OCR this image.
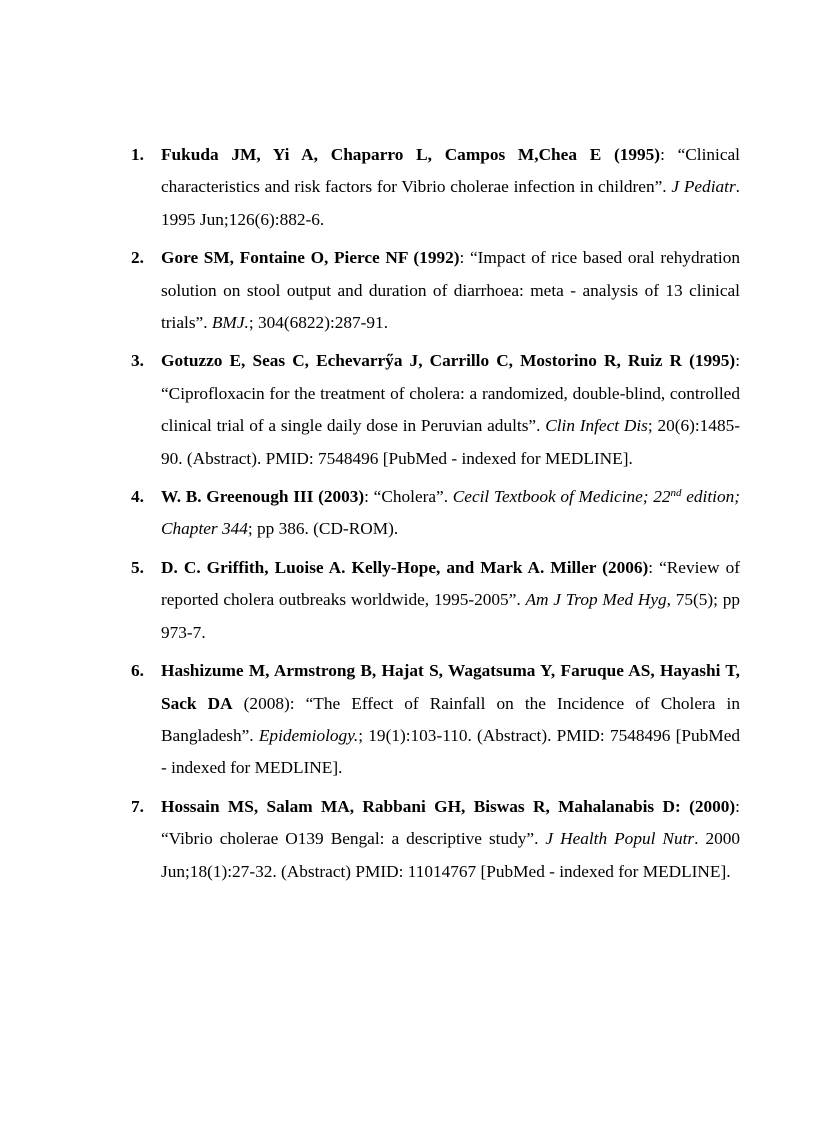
1. Fukuda JM, Yi A, Chaparro L, Campos M,Chea E (1995): “Clinical characteristics and risk factors for Vibrio cholerae infection in children”. J Pediatr. 1995 Jun;126(6):882-6.
2. Gore SM, Fontaine O, Pierce NF (1992): “Impact of rice based oral rehydration solution on stool output and duration of diarrhoea: meta - analysis of 13 clinical trials”. BMJ.; 304(6822):287-91.
3. Gotuzzo E, Seas C, Echevarrӳa J, Carrillo C, Mostorino R, Ruiz R (1995): “Ciprofloxacin for the treatment of cholera: a randomized, double-blind, controlled clinical trial of a single daily dose in Peruvian adults”. Clin Infect Dis; 20(6):1485-90. (Abstract). PMID: 7548496 [PubMed - indexed for MEDLINE].
4. W. B. Greenough III (2003): “Cholera”. Cecil Textbook of Medicine; 22nd edition; Chapter 344; pp 386. (CD-ROM).
5. D. C. Griffith, Luoise A. Kelly-Hope, and Mark A. Miller (2006): “Review of reported cholera outbreaks worldwide, 1995-2005”. Am J Trop Med Hyg, 75(5); pp 973-7.
6. Hashizume M, Armstrong B, Hajat S, Wagatsuma Y, Faruque AS, Hayashi T, Sack DA (2008): “The Effect of Rainfall on the Incidence of Cholera in Bangladesh”. Epidemiology.; 19(1):103-110. (Abstract). PMID: 7548496 [PubMed - indexed for MEDLINE].
7. Hossain MS, Salam MA, Rabbani GH, Biswas R, Mahalanabis D: (2000): “Vibrio cholerae O139 Bengal: a descriptive study”. J Health Popul Nutr. 2000 Jun;18(1):27-32. (Abstract) PMID: 11014767 [PubMed - indexed for MEDLINE].
